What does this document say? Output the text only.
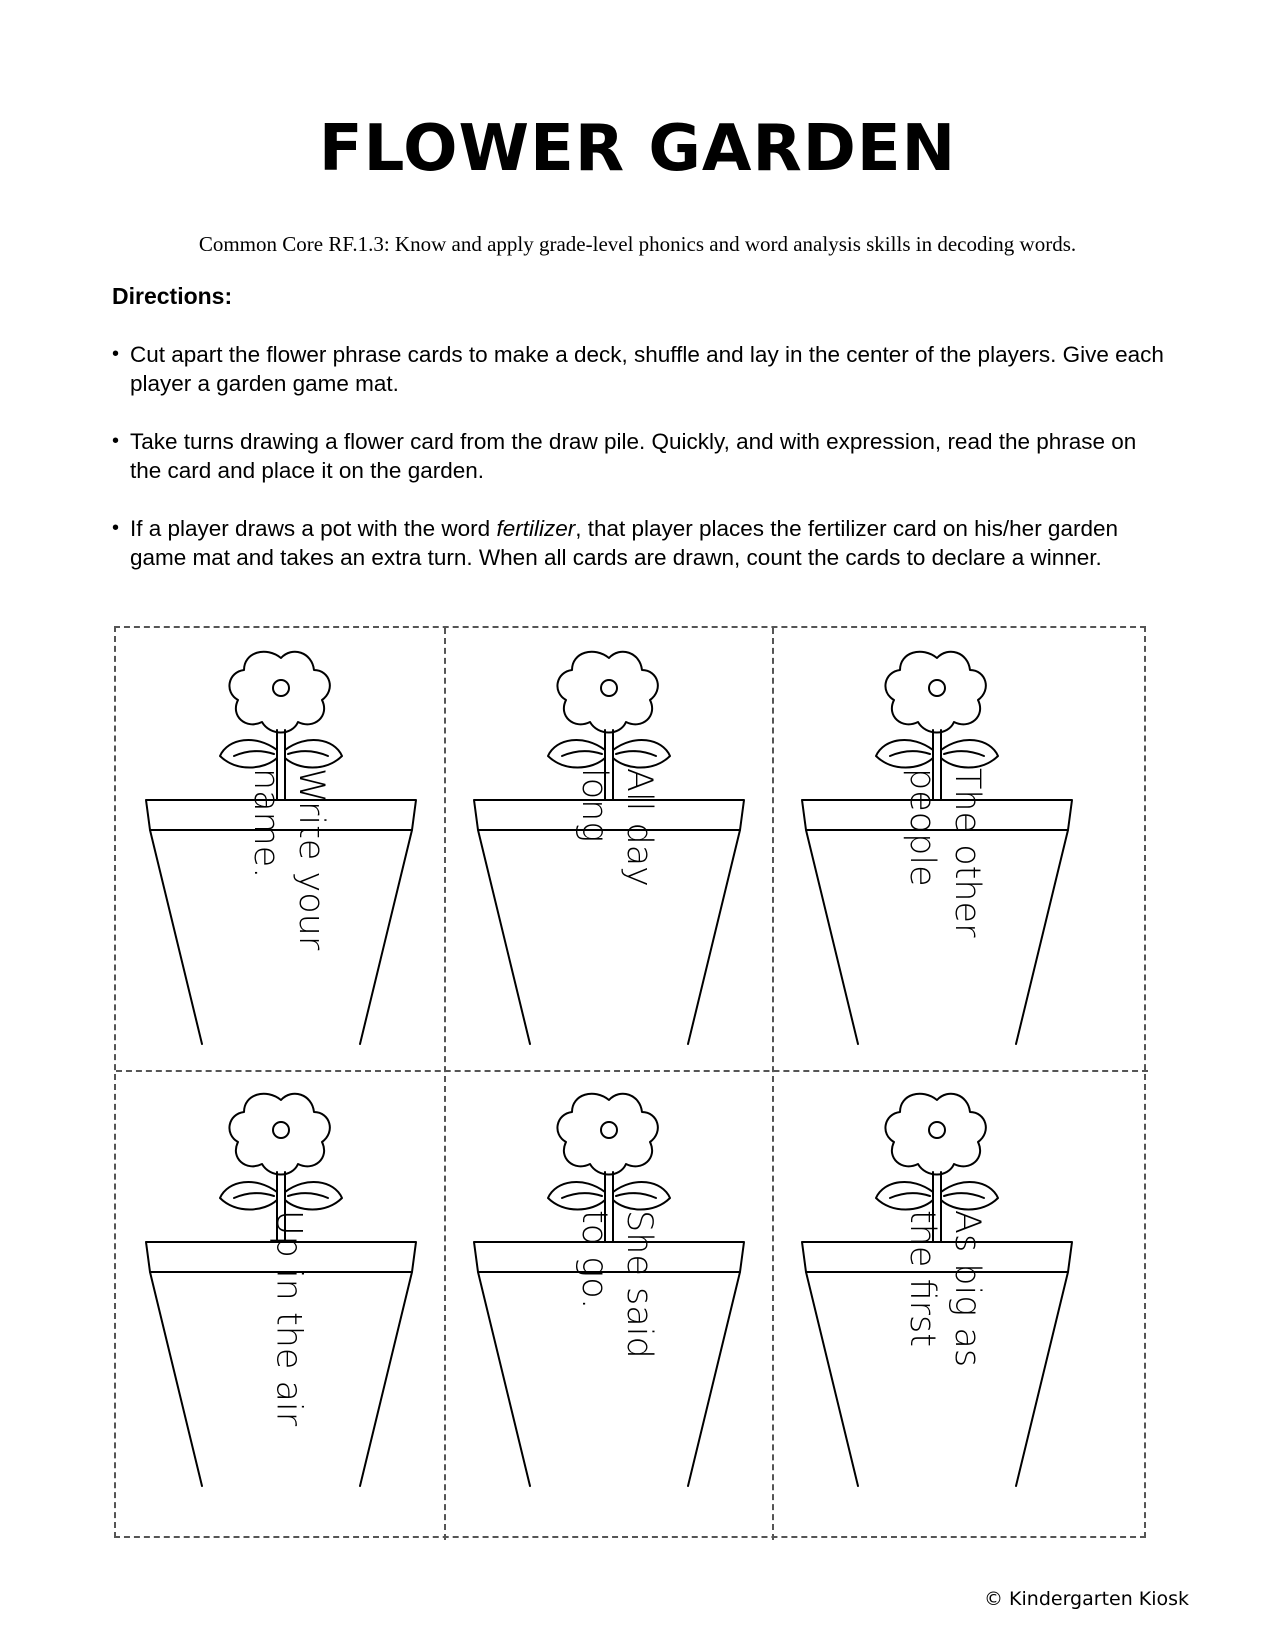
FLOWER GARDEN
Common Core RF.1.3: Know and apply grade-level phonics and word analysis skills in decoding words.
Directions:
• Cut apart the flower phrase cards to make a deck, shuffle and lay in the center of the players. Give each player a garden game mat.
• Take turns drawing a flower card from the draw pile. Quickly, and with expression, read the phrase on the card and place it on the garden.
• If a player draws a pot with the word fertilizer, that player places the fertilizer card on his/her garden game mat and takes an extra turn. When all cards are drawn, count the cards to declare a winner.
Write your
name.	All day
long	The other
people
Up in the air	She said
to go.	As big as
the first
© Kindergarten Kiosk
